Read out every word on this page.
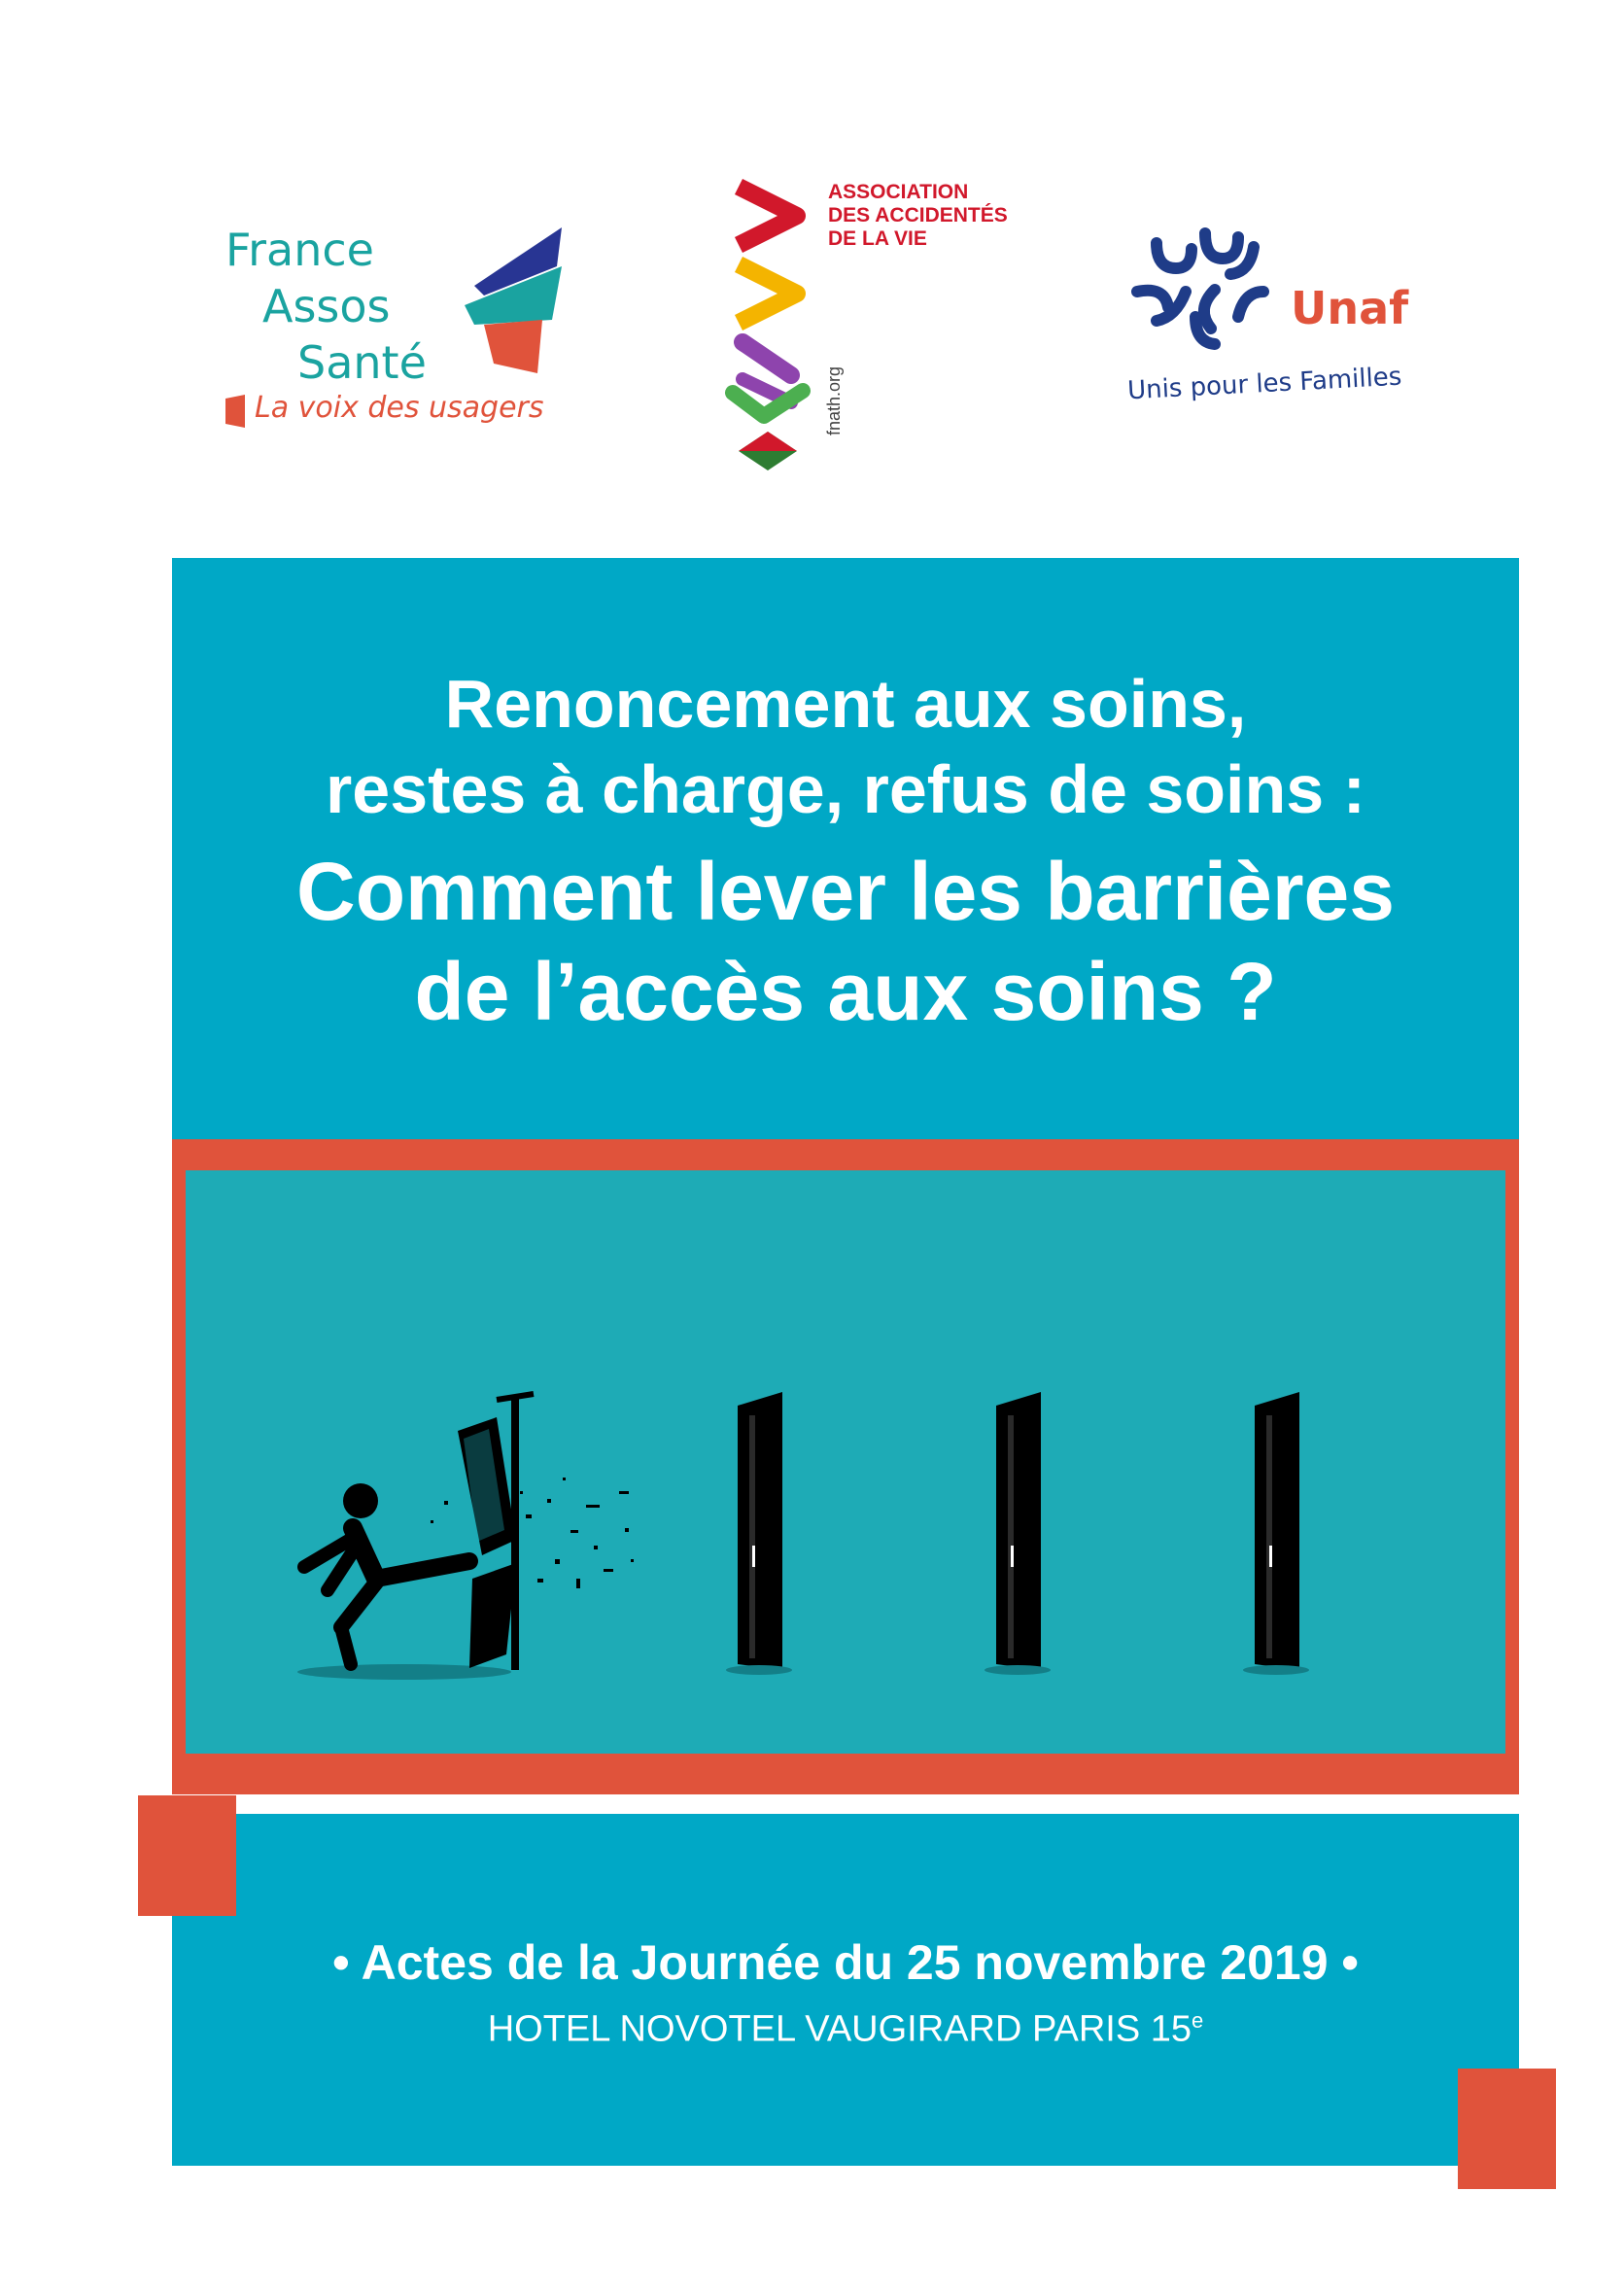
France
Assos
Santé
La voix des usagers
ASSOCIATION
DES ACCIDENTÉS
DE LA VIE
fnath.org
Unaf
Unis pour les Familles
Renoncement aux soins,
restes à charge, refus de soins :
Comment lever les barrières
de l’accès aux soins ?
• Actes de la Journée du 25 novembre 2019 •
HOTEL NOVOTEL VAUGIRARD PARIS 15e
